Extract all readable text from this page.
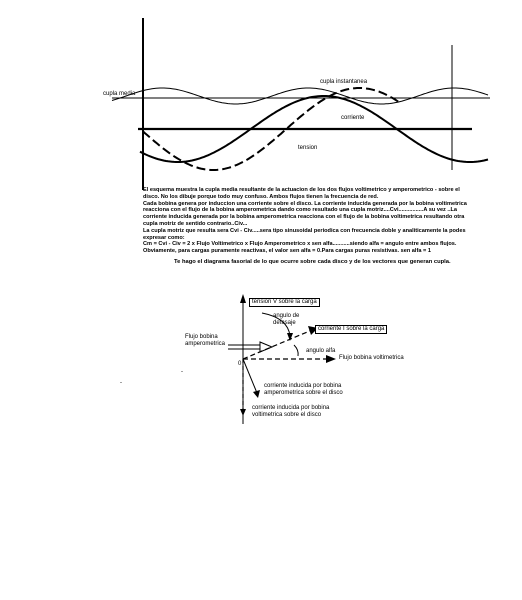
cupla media
cupla instantanea
corriente
tension

El esquema muestra la cupla media resultante de la actuacion de los dos flujos voltimetrico y amperometrico - sobre el disco. No los dibuje porque todo muy confuso. Ambos flujos tienen la frecuencia de red.

Cada bobina genera por induccion una corriente sobre el disco. La corriente inducida generada por la bobina voltimetrica reacciona con el flujo de la bobina amperometrica dando como resultado una cupla motriz....Cvi................A su vez ..La corriente inducida generada por la bobina amperometrica reacciona con el flujo de la bobina voltimetrica resultando otra cupla motriz de sentido contrario..Civ...

La cupla motriz que resulta sera Cvi - Civ.....sera tipo sinusoidal periodica con frecuencia doble y analiticamente la podes expresar como:

Cm = Cvi - Civ = 2 x Flujo Voltimetrico x Flujo Amperometrico x sen alfa...........siendo alfa = angulo entre ambos flujos. Obviamente, para cargas puramente reactivas, el valor sen alfa = 0.Para cargas puras resistivas. sen alfa = 1

Te hago el diagrama fasorial de lo que ocurre sobre cada disco y de los vectores que generan cupla.
tension V sobre la carga
corriente I sobre la carga
angulo de defasaje
angulo alfa
Flujo bobina amperometrica
Flujo bobina voltimetrica
0
corriente inducida por bobina amperometrica sobre el disco
corriente inducida por bobina voltimetrica sobre el disco
-
-
